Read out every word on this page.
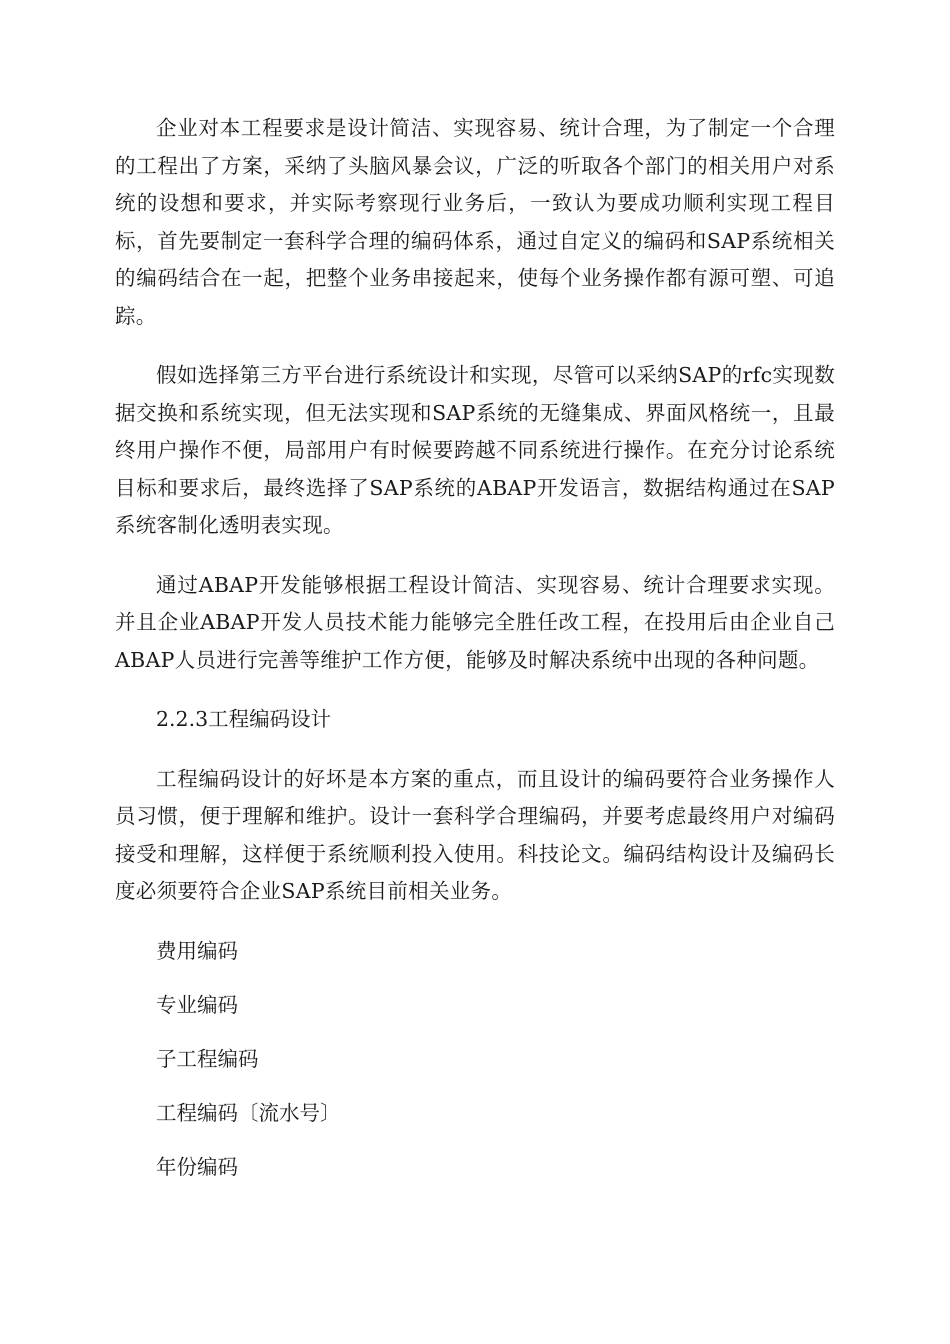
企业对本工程要求是设计简洁、实现容易、统计合理，为了制定一个合理的工程出了方案，采纳了头脑风暴会议，广泛的听取各个部门的相关用户对系统的设想和要求，并实际考察现行业务后，一致认为要成功顺利实现工程目标，首先要制定一套科学合理的编码体系，通过自定义的编码和SAP系统相关的编码结合在一起，把整个业务串接起来，使每个业务操作都有源可塑、可追踪。

假如选择第三方平台进行系统设计和实现，尽管可以采纳SAP的rfc实现数据交换和系统实现，但无法实现和SAP系统的无缝集成、界面风格统一，且最终用户操作不便，局部用户有时候要跨越不同系统进行操作。在充分讨论系统目标和要求后，最终选择了SAP系统的ABAP开发语言，数据结构通过在SAP系统客制化透明表实现。

通过ABAP开发能够根据工程设计简洁、实现容易、统计合理要求实现。并且企业ABAP开发人员技术能力能够完全胜任改工程，在投用后由企业自己ABAP人员进行完善等维护工作方便，能够及时解决系统中出现的各种问题。

2.2.3工程编码设计

工程编码设计的好坏是本方案的重点，而且设计的编码要符合业务操作人员习惯，便于理解和维护。设计一套科学合理编码，并要考虑最终用户对编码接受和理解，这样便于系统顺利投入使用。科技论文。编码结构设计及编码长度必须要符合企业SAP系统目前相关业务。

费用编码
专业编码
子工程编码
工程编码〔流水号〕
年份编码
